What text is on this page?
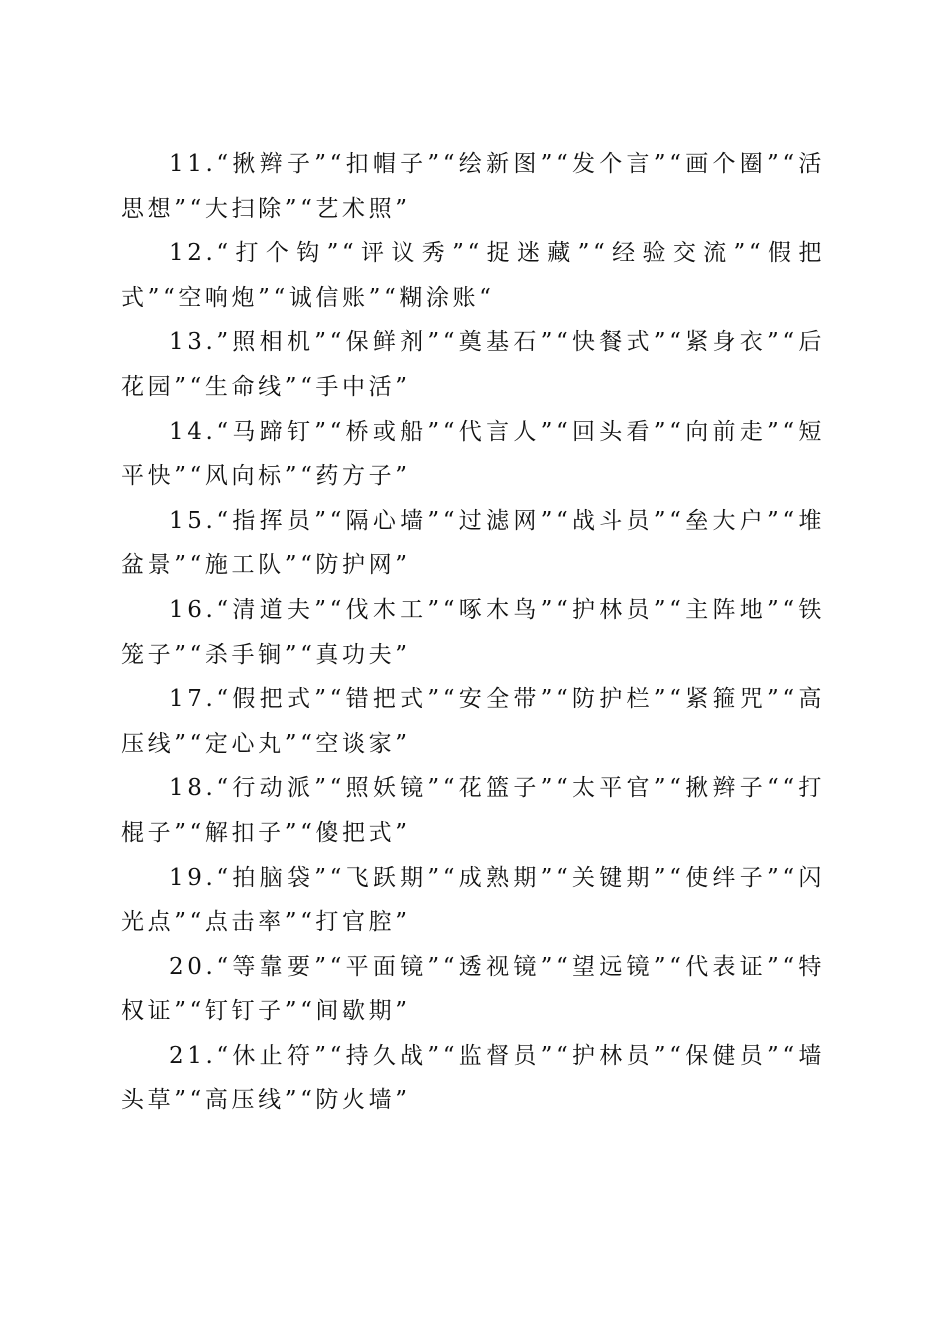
11.“揪辫子”“扣帽子”“绘新图”“发个言”“画个圈”“活思想”“大扫除”“艺术照”

12.“打个钩”“评议秀”“捉迷藏”“经验交流”“假把式”“空响炮”“诚信账”“糊涂账“

13.”照相机”“保鲜剂”“奠基石”“快餐式”“紧身衣”“后花园”“生命线”“手中活”

14.“马蹄钉”“桥或船”“代言人”“回头看”“向前走”“短平快”“风向标”“药方子”

15.“指挥员”“隔心墙”“过滤网”“战斗员”“垒大户”“堆盆景”“施工队”“防护网”

16.“清道夫”“伐木工”“啄木鸟”“护林员”“主阵地”“铁笼子”“杀手锏”“真功夫”

17.“假把式”“错把式”“安全带”“防护栏”“紧箍咒”“高压线”“定心丸”“空谈家”

18.“行动派”“照妖镜”“花篮子”“太平官”“揪辫子““打棍子”“解扣子”“傻把式”

19.“拍脑袋”“飞跃期”“成熟期”“关键期”“使绊子”“闪光点”“点击率”“打官腔”

20.“等靠要”“平面镜”“透视镜”“望远镜”“代表证”“特权证”“钉钉子”“间歇期”

21.“休止符”“持久战”“监督员”“护林员”“保健员”“墙头草”“高压线”“防火墙”
